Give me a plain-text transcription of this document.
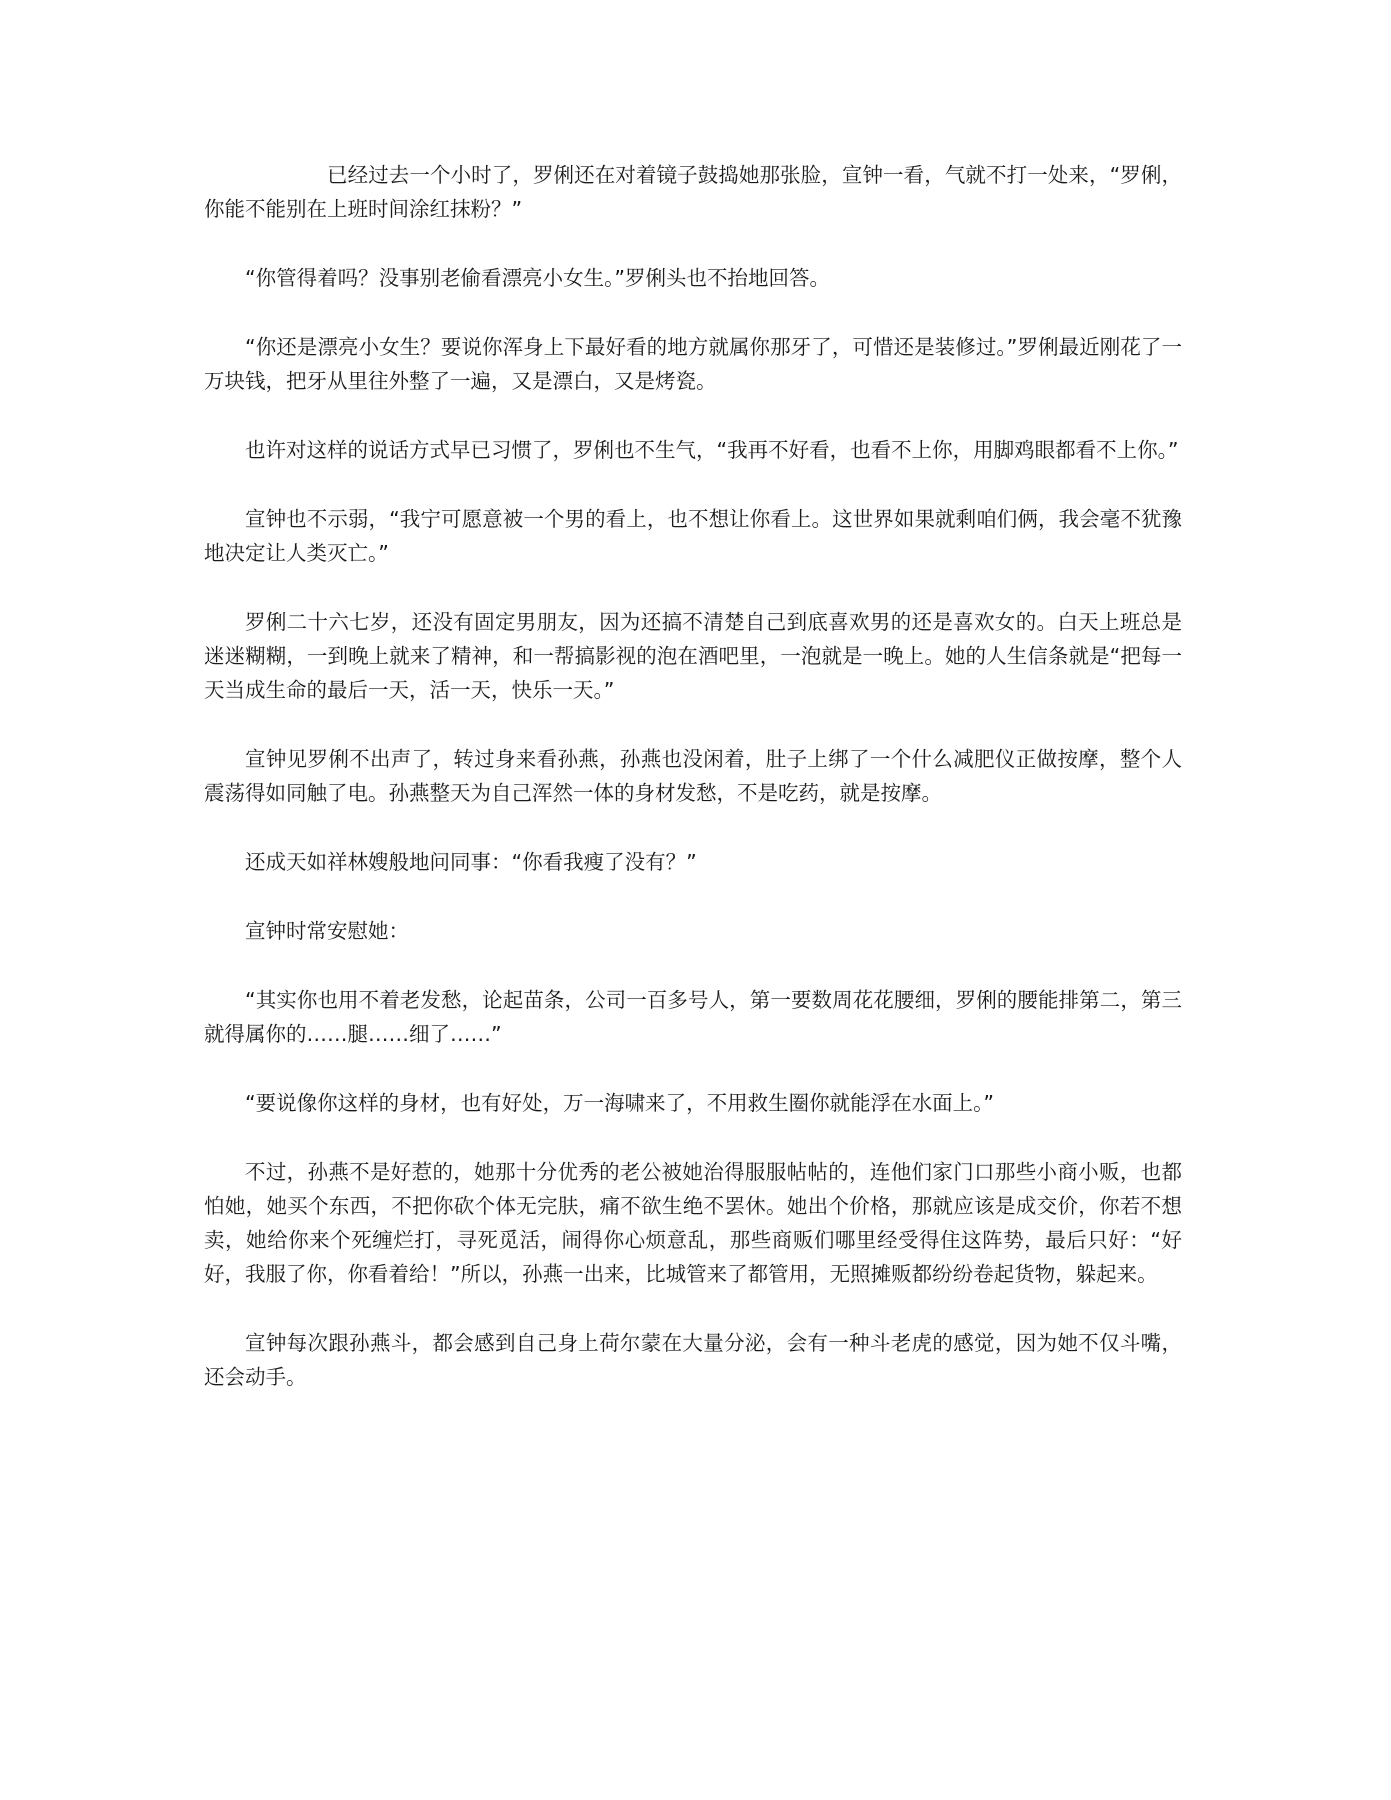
已经过去一个小时了，罗俐还在对着镜子鼓捣她那张脸，宣钟一看，气就不打一处来，“罗俐，你能不能别在上班时间涂红抹粉？”

“你管得着吗？没事别老偷看漂亮小女生。”罗俐头也不抬地回答。

“你还是漂亮小女生？要说你浑身上下最好看的地方就属你那牙了，可惜还是装修过。”罗俐最近刚花了一万块钱，把牙从里往外整了一遍，又是漂白，又是烤瓷。

也许对这样的说话方式早已习惯了，罗俐也不生气，“我再不好看，也看不上你，用脚鸡眼都看不上你。”

宣钟也不示弱，“我宁可愿意被一个男的看上，也不想让你看上。这世界如果就剩咱们俩，我会毫不犹豫地决定让人类灭亡。”

罗俐二十六七岁，还没有固定男朋友，因为还搞不清楚自己到底喜欢男的还是喜欢女的。白天上班总是迷迷糊糊，一到晚上就来了精神，和一帮搞影视的泡在酒吧里，一泡就是一晚上。她的人生信条就是“把每一天当成生命的最后一天，活一天，快乐一天。”

宣钟见罗俐不出声了，转过身来看孙燕，孙燕也没闲着，肚子上绑了一个什么减肥仪正做按摩，整个人震荡得如同触了电。孙燕整天为自己浑然一体的身材发愁，不是吃药，就是按摩。

还成天如祥林嫂般地问同事：“你看我瘦了没有？”

宣钟时常安慰她：

“其实你也用不着老发愁，论起苗条，公司一百多号人，第一要数周花花腰细，罗俐的腰能排第二，第三就得属你的……腿……细了……”

“要说像你这样的身材，也有好处，万一海啸来了，不用救生圈你就能浮在水面上。”

不过，孙燕不是好惹的，她那十分优秀的老公被她治得服服帖帖的，连他们家门口那些小商小贩，也都怕她，她买个东西，不把你砍个体无完肤，痛不欲生绝不罢休。她出个价格，那就应该是成交价，你若不想卖，她给你来个死缠烂打，寻死觅活，闹得你心烦意乱，那些商贩们哪里经受得住这阵势，最后只好：“好好，我服了你，你看着给！”所以，孙燕一出来，比城管来了都管用，无照摊贩都纷纷卷起货物，躲起来。

宣钟每次跟孙燕斗，都会感到自己身上荷尔蒙在大量分泌，会有一种斗老虎的感觉，因为她不仅斗嘴，还会动手。
